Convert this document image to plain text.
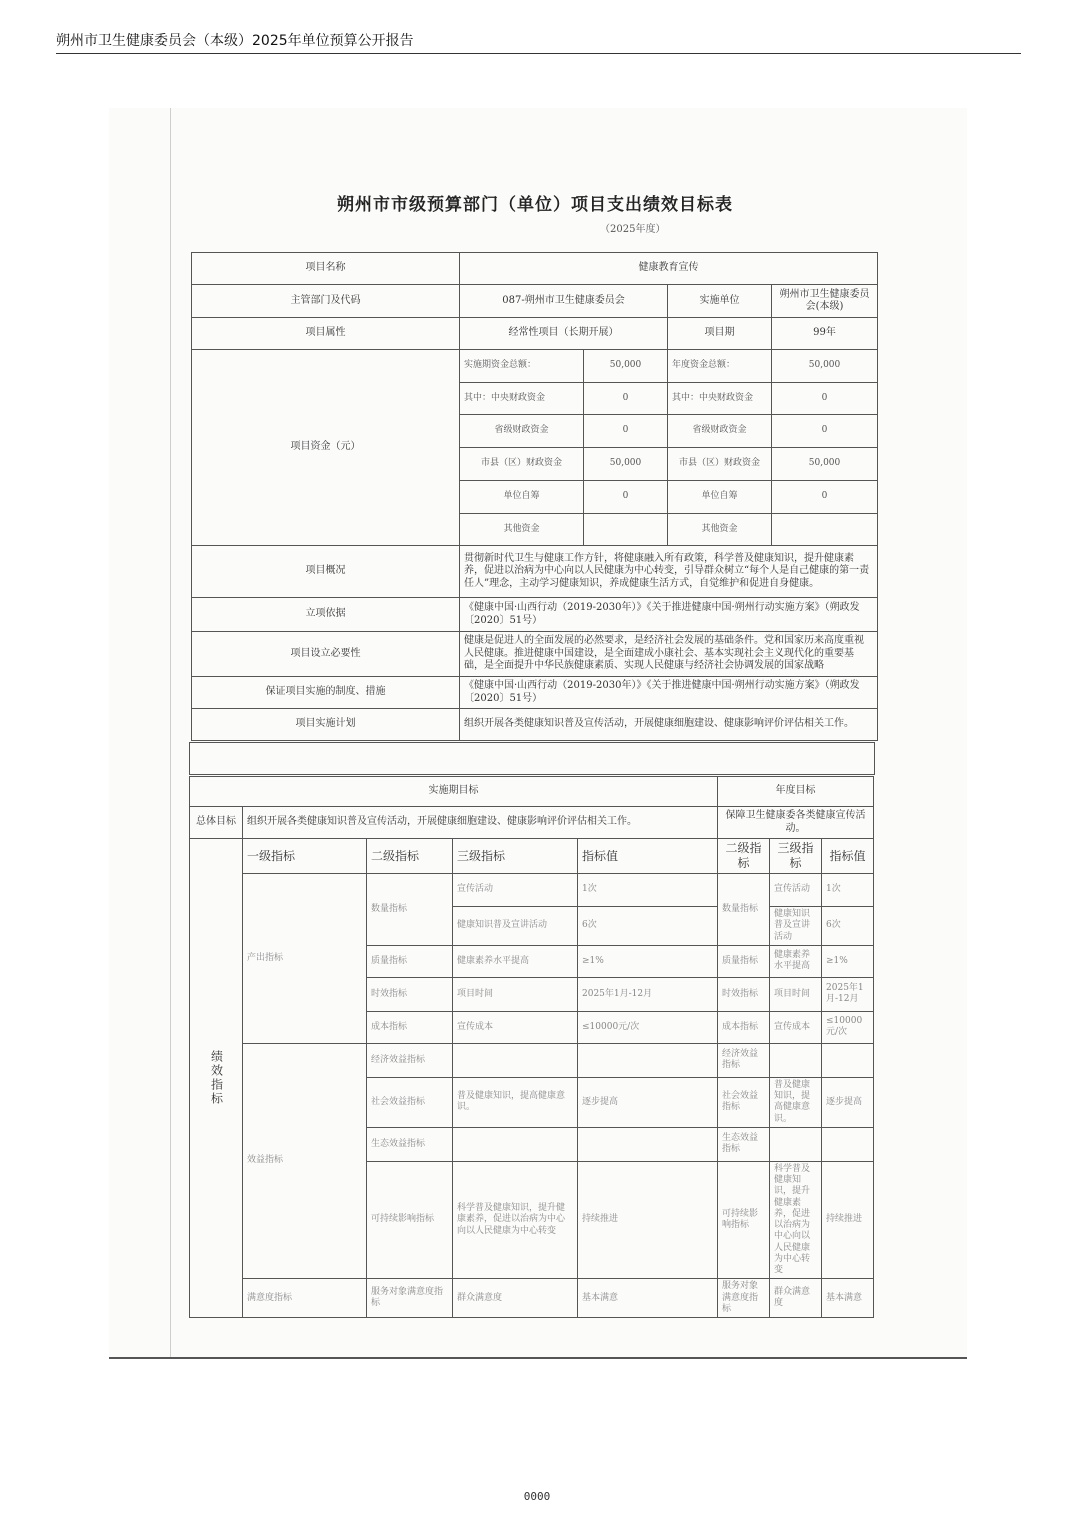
朔州市卫生健康委员会（本级）2025年单位预算公开报告
朔州市市级预算部门（单位）项目支出绩效目标表
（2025年度）
项目名称	健康教育宣传			
主管部门及代码	087-朔州市卫生健康委员会		实施单位	朔州市卫生健康委员会(本级)
项目属性	经常性项目（长期开展）		项目期	99年
项目资金（元）	实施期资金总额：	50,000	年度资金总额：	50,000
	其中：中央财政资金	0	其中：中央财政资金	0
	省级财政资金	0	省级财政资金	0
	市县（区）财政资金	50,000	市县（区）财政资金	50,000
	单位自筹	0	单位自筹	0
	其他资金		其他资金	
项目概况	贯彻新时代卫生与健康工作方针，将健康融入所有政策，科学普及健康知识，提升健康素养，促进以治病为中心向以人民健康为中心转变，引导群众树立“每个人是自己健康的第一责任人”理念，主动学习健康知识，养成健康生活方式，自觉维护和促进自身健康。			
立项依据	《健康中国·山西行动（2019-2030年）》《关于推进健康中国·朔州行动实施方案》（朔政发〔2020〕51号）			
项目设立必要性	健康是促进人的全面发展的必然要求，是经济社会发展的基础条件。党和国家历来高度重视人民健康。推进健康中国建设，是全面建成小康社会、基本实现社会主义现代化的重要基础，是全面提升中华民族健康素质、实现人民健康与经济社会协调发展的国家战略			
保证项目实施的制度、措施	《健康中国·山西行动（2019-2030年）》《关于推进健康中国·朔州行动实施方案》（朔政发〔2020〕51号）			
项目实施计划	组织开展各类健康知识普及宣传活动，开展健康细胞建设、健康影响评价评估相关工作。			
实施期目标					年度目标		
总体目标	组织开展各类健康知识普及宣传活动，开展健康细胞建设、健康影响评价评估相关工作。				保障卫生健康委各类健康宣传活动。		
绩效指标	一级指标	二级指标	三级指标	指标值	二级指标	三级指标	指标值
	产出指标	数量指标	宣传活动	1次	数量指标	宣传活动	1次
			健康知识普及宣讲活动	6次		健康知识普及宣讲活动	6次
		质量指标	健康素养水平提高	≥1%	质量指标	健康素养水平提高	≥1%
		时效指标	项目时间	2025年1月-12月	时效指标	项目时间	2025年1月-12月
		成本指标	宣传成本	≤10000元/次	成本指标	宣传成本	≤10000元/次
	效益指标	经济效益指标			经济效益指标		
		社会效益指标	普及健康知识，提高健康意识。	逐步提高	社会效益指标	普及健康知识，提高健康意识。	逐步提高
		生态效益指标			生态效益指标		
		可持续影响指标	科学普及健康知识，提升健康素养，促进以治病为中心向以人民健康为中心转变	持续推进	可持续影响指标	科学普及健康知识，提升健康素养，促进以治病为中心向以人民健康为中心转变	持续推进
	满意度指标	服务对象满意度指标	群众满意度	基本满意	服务对象满意度指标	群众满意度	基本满意
0000
